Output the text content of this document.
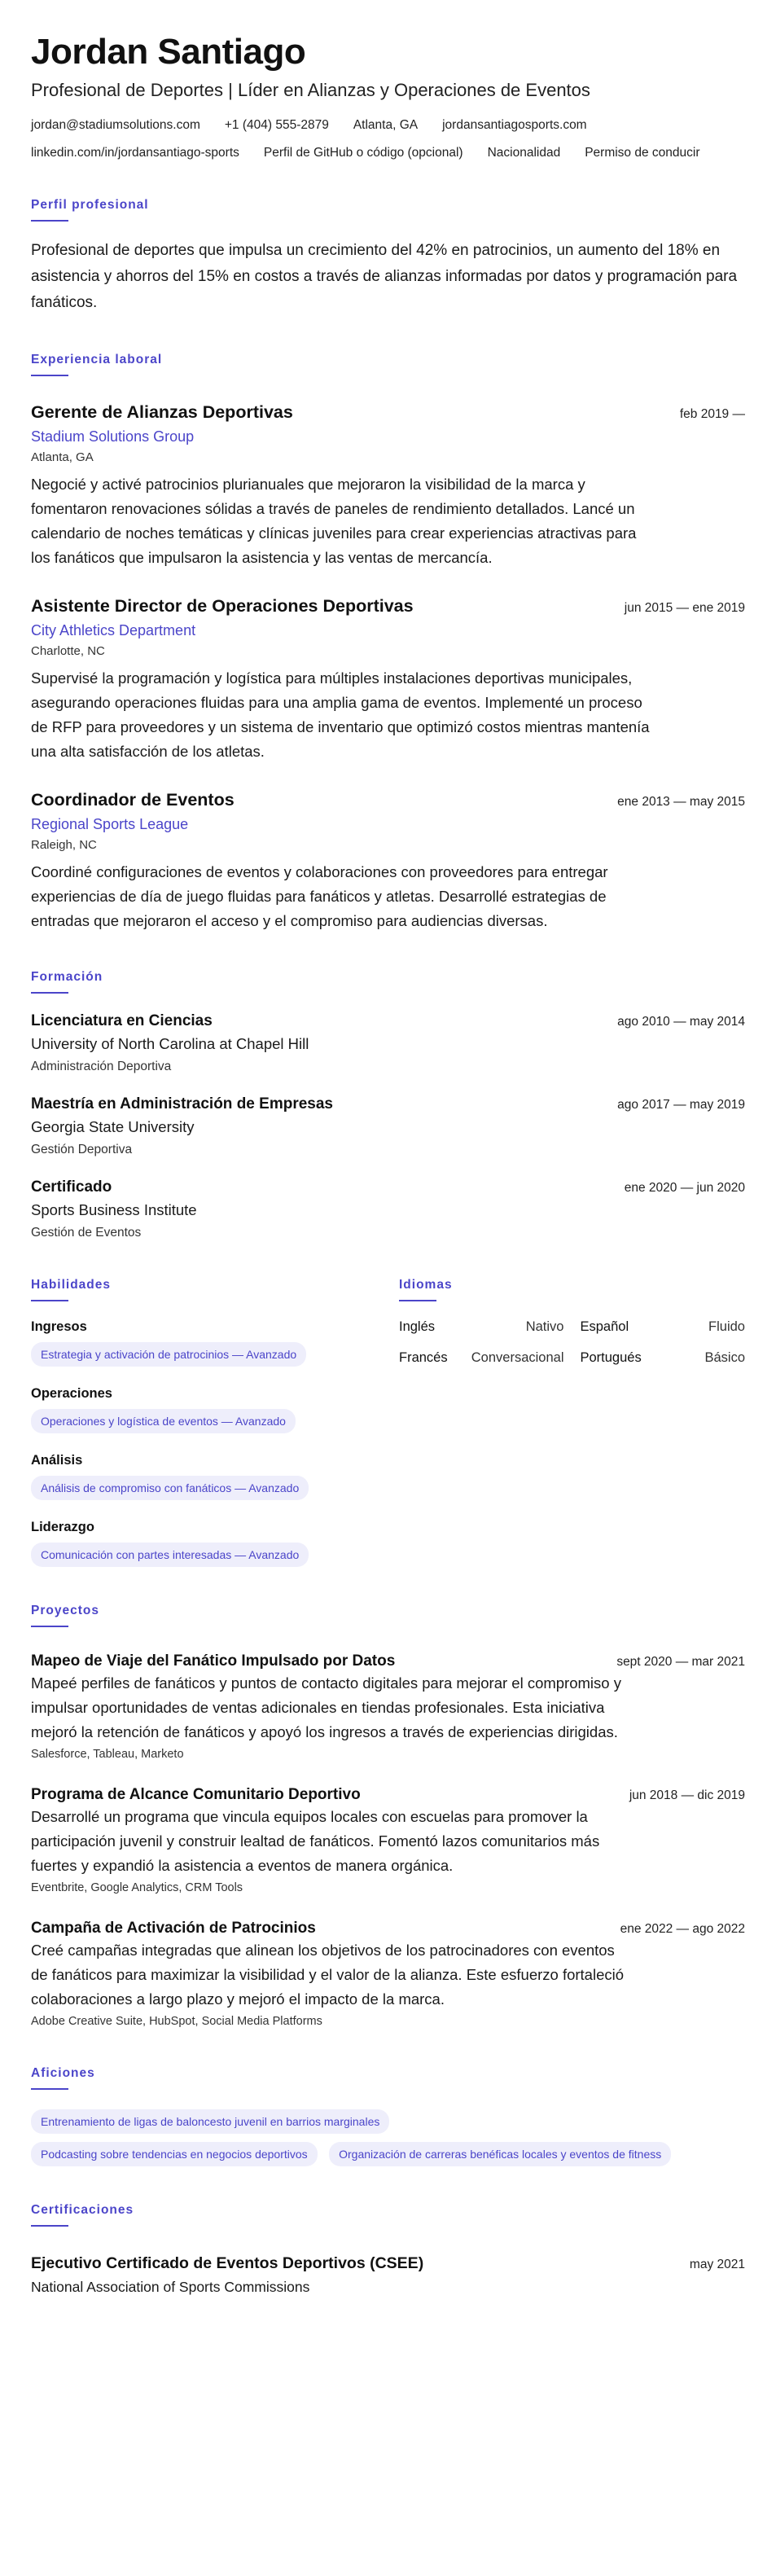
Jordan Santiago
Profesional de Deportes | Líder en Alianzas y Operaciones de Eventos
jordan@stadiumsolutions.com +1 (404) 555-2879 Atlanta, GA jordansantiagosports.com
linkedin.com/in/jordansantiago-sports Perfil de GitHub o código (opcional) Nacionalidad Permiso de conducir
Perfil profesional

Profesional de deportes que impulsa un crecimiento del 42% en patrocinios, un aumento del 18% en asistencia y ahorros del 15% en costos a través de alianzas informadas por datos y programación para fanáticos.

Experiencia laboral
Gerente de Alianzas Deportivas	feb 2019 —
Stadium Solutions Group
Atlanta, GA

Negocié y activé patrocinios plurianuales que mejoraron la visibilidad de la marca y fomentaron renovaciones sólidas a través de paneles de rendimiento detallados. Lancé un calendario de noches temáticas y clínicas juveniles para crear experiencias atractivas para los fanáticos que impulsaron la asistencia y las ventas de mercancía.

Asistente Director de Operaciones Deportivas	jun 2015 — ene 2019
City Athletics Department
Charlotte, NC

Supervisé la programación y logística para múltiples instalaciones deportivas municipales, asegurando operaciones fluidas para una amplia gama de eventos. Implementé un proceso de RFP para proveedores y un sistema de inventario que optimizó costos mientras mantenía una alta satisfacción de los atletas.

Coordinador de Eventos	ene 2013 — may 2015
Regional Sports League
Raleigh, NC

Coordiné configuraciones de eventos y colaboraciones con proveedores para entregar experiencias de día de juego fluidas para fanáticos y atletas. Desarrollé estrategias de entradas que mejoraron el acceso y el compromiso para audiencias diversas.

Formación
Licenciatura en Ciencias	ago 2010 — may 2014
University of North Carolina at Chapel Hill
Administración Deportiva
Maestría en Administración de Empresas	ago 2017 — may 2019
Georgia State University
Gestión Deportiva
Certificado	ene 2020 — jun 2020
Sports Business Institute
Gestión de Eventos
Habilidades
Ingresos
Estrategia y activación de patrocinios — Avanzado
Operaciones
Operaciones y logística de eventos — Avanzado
Análisis
Análisis de compromiso con fanáticos — Avanzado
Liderazgo
Comunicación con partes interesadas — Avanzado
Idiomas
Inglés	Nativo Español	Fluido
Francés Conversacional Portugués	Básico
Proyectos
Mapeo de Viaje del Fanático Impulsado por Datos	sept 2020 — mar 2021

Mapeé perfiles de fanáticos y puntos de contacto digitales para mejorar el compromiso y impulsar oportunidades de ventas adicionales en tiendas profesionales. Esta iniciativa mejoró la retención de fanáticos y apoyó los ingresos a través de experiencias dirigidas.

Salesforce, Tableau, Marketo
Programa de Alcance Comunitario Deportivo	jun 2018 — dic 2019

Desarrollé un programa que vincula equipos locales con escuelas para promover la participación juvenil y construir lealtad de fanáticos. Fomentó lazos comunitarios más fuertes y expandió la asistencia a eventos de manera orgánica.

Eventbrite, Google Analytics, CRM Tools
Campaña de Activación de Patrocinios	ene 2022 — ago 2022

Creé campañas integradas que alinean los objetivos de los patrocinadores con eventos de fanáticos para maximizar la visibilidad y el valor de la alianza. Este esfuerzo fortaleció colaboraciones a largo plazo y mejoró el impacto de la marca.

Adobe Creative Suite, HubSpot, Social Media Platforms
Aficiones
Entrenamiento de ligas de baloncesto juvenil en barrios marginales
Podcasting sobre tendencias en negocios deportivos	Organización de carreras benéficas locales y eventos de fitness
Certificaciones
Ejecutivo Certificado de Eventos Deportivos (CSEE)	may 2021
National Association of Sports Commissions
